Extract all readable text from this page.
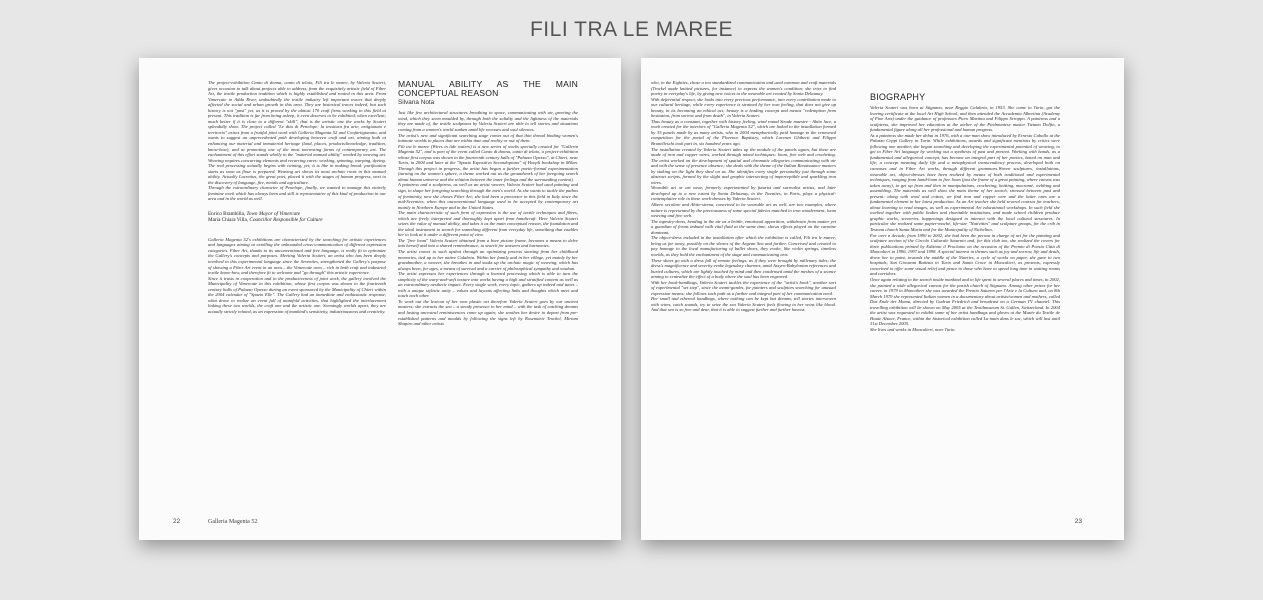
FILI TRA LE MAREE

The project-exhibition Canto di donna, canto di telaio, Fili tra le maree, by Valeria Scuteri, gives occasion to talk about projects able to address, from the exquisitely artistic field of Fiber Art, the textile production tradition which is highly established and rooted in this area. From Vimercate to Adda River, undoubtedly the textile industry left important traces that deeply affected the social and urban growth in this area. They are historical traces indeed, but such history is not "past" yet, as it is proved by the almost 170 craft firms working in this field at present. This tradition is far from being asleep, it even deserves to be exhibited, when excellent; much better if it is close to a different "skill", that is the artistic one the works by Scuteri splendidly show. The project called "Le dita di Penelope: la tessitura fra arte, artigianato e territorio" arises from a fruitful joint work with Galleria Magenta 52 and Confartigianato, and wants to suggest an unprecedented path developing between craft and art, aiming both at enhancing our material and immaterial heritage (land, places, products/knowledge, tradition, know-how), and at promoting one of the most interesting forms of contemporary art. The enchantment of this effort stands wholly in the "material manual ability" needed by weaving art. Weaving requires concurring elements and recurring cares: working, spinning, warping, dyeing. The real processing actually begins with twining, yet, it is like in making bread: purification starts as soon as flour is prepared. Weaving art shows its most archaic roots in this manual ability. Actually Lucretius, the great poet, placed it with the stages of human progress, next to the discovery of language, fire, metals and agriculture.

Through the extraordinary character of Penelope, finally, we wanted to manage this entirely feminine work which has always been and still is representative of this kind of production in our area and in the world as well.

Enrico Brambilla, Town Mayor of Vimercate
Maria Chiara Villa, Councillor Responsible for Culture

Galleria Magenta 52's exhibitions are characterized by the searching for artistic experiences and languages aiming at extolling the unbounded cross-communication of different expression categories. Fiber Art, thanks to its unconventional and free language, is really fit to epitomize the Gallery's concepts and purposes. Meeting Valeria Scuteri, an artist who has been deeply involved in this experimental language since the Seventies, strengthened the Gallery's purpose of showing a Fiber Art event in an area – the Vimercate area – rich in both craft and industrial textile know-how, and therefore fit to welcome and "go through" this artistic experience.

Since it trusts in cooperation and in the productiveness of joint work, the gallery involved the Municipality of Vimercate in this exhibition, whose first corpus was shown in the fourteenth century halls of Palazzo Opesso during an event sponsored by the Municipality of Chieri within the 2004 calendar of "Spazio Elle". The Gallery had an immediate and enthusiastic response, what drove to realize an event full of manifold activities, that highlighted the interlacement linking these two worlds, the craft one and the artistic one. Seemingly worlds apart, they are actually strictly related, as an expression of mankind's sensitivity, industriousness and creativity.

MANUAL ABILITY AS THE MAIN CONCEPTUAL REASON
Silvana Nota

Just like few architectural structures breathing in space, communicating with air, greeting the wind, which they seem moulded by, through both the solidity and the lightness of the materials they are made of, the textile sculptures by Valeria Scuteri are able to tell stories and situations coming from a women's world sunken amid life recesses and soul silences.

The artist's new and significant searching stage comes out of that thin thread binding women's intimate worlds to places that are within time and reality or out of them.

Fili tra le maree (Wires in tide waters) is a new series of works specially created for "Galleria Magenta 52", and is part of the event called Canto di donna, canto di telaio, a project-exhibition whose first corpus was shown in the fourteenth century halls of "Palazzo Opesso", at Chieri, near Turin, in 2004 and later at the "Spazio Espositivo Secondopiano" of Hoepli bookshop in Milan. Through this project in progress, the artist has begun a further poetic-formal experimentation (turning on the women's sphere, a theme worked out as the groundwork of her foregoing search about human universe and the relation between the inner feelings and the surrounding context).

A paintress and a sculptress, as well as an artist weaver, Valeria Scuteri had used painting and sign, to shape her foregoing searching through the men's world. As she wants to tackle the pathos of femininity, now she choses Fiber Art; she had been a precursor in this field in Italy since the mid-Seventies, when this unconventional language used to be accepted by contemporary art mainly in Northern Europe and in the United States.

The main characteristic of such form of expression is the use of textile techniques and fibres, which are freely interpreted and thoroughly kept apart from handicraft. Here Valeria Scuteri seizes the value of manual ability, and takes it as the main conceptual reason, the foundation and the ideal instrument to search for something different from everyday life, something that enables her to look at it under a different point of view.

The "free loom" Valeria Scuteri obtained from a bore picture frame, becomes a means to delve into herself and into a shared remembrance, to search for answers and harmonies.

The artist comes to such upshot through an optimizing process starting from her childhood memories, tied up to her native Calabria. Within her family and in her village, yet mainly by her grandmother, a weaver, she breathes in and soaks up the archaic magic of weaving, which has always been, for ages, a means of survival and a carrier of philosophical sympathy and wisdom.

The artist expresses her experiences through a learned processing which is able to turn the simplicity of the warp-and-weft texture into works having a high and stratified content as well as an extraordinary aesthetic impact. Every single work, every topic, gathers up indeed and tunes – with a unique stylistic unity – values and layouts affecting links and thoughts which meet and touch each other.

To work out the lexicon of her own plastic art therefore Valeria Scuteri goes by our ancient masters; she extracts the sea – a steady presence in her mind – with the task of catching dreams and lasting ancestral reminiscences come up again; she soothes her desire to depart from pre-established patterns and moulds by following the signs left by Rosemarie Trockel, Miriam Shapiro and other artists

22	Galleria Magenta 52

who, in the Eighties, chose a too standardized communication and used common and craft materials (Trockel made knitted pictures, for instance) to express the women's condition; she tries to find poetry in everyday's life, by giving new voices to the wearable art created by Sonia Delaunay.

With deferential respect, she looks into every precious performance, into every contribution made to our cultural heritage, while every experience is strained by her own feeling, that does not give up beauty, in its becoming an ethical act; beauty is a leading concept and means "redemption from hesitation, from sorrow and from death", in Valeria Scuteri.

Thus beauty as a constant, together with history feeling, wind round Strade maestre - Abito luce, a work created for the interiors of "Galleria Magenta 52", which are linked to the installation formed by 35 panels made by as many artists, who in 2004 metaphorically paid homage to the renowned competition for the portal of the Florence Baptistry, which Lorenzo Ghiberti and Filippo Brunelleschi took part in, six hundred years ago.

The installation created by Valeria Scuteri takes up the module of the panels again, but these are made of iron and copper wires, worked through mixed techniques: loom, free web and crocheting. The artist worked on the development of spatial and chromatic allegories communicating with air and with the sense of presence absence; she deals with the theme of the Italian Renaissance masters by staking on the light they shed on us. She identifies every single personality just through some abstract scripts, formed by the slight and graphic intersecting of imperceptible and sparkling iron wires.

Wearable art or art wear, formerly experimented by futurist and surrealist artists, and later developed up to a new extent by Sonia Delaunay, in the Twenties, in Paris, plays a physical-contemplative role in these work-dresses by Valeria Scuteri.

Albero secolare and Abito-sirena, conceived to be wearable art as well, are two examples, where nature is represented by the preciousness of some special fabrics matched to iron wonderment, loom weaving and free web.

The tapestry-dress, bending in the air as a brittle, emotional apparition, withdrawn from matter yet a guardian of forms imbued with vital fluid at the same time, shows effects played on the carmine dominant.

The object-dress included in the installation after which the exhibition is called, Fili tra le maree, bring us far away, possibly on the shores of the Aegean Sea and further. Conceived and created to pay homage to the local manufacturing of ballet shoes, they evoke, like violin springs, timeless worlds, as they hold the enchantment of the stage and communicating arts.

These shoes go with a dress full of remote feelings, as if they were brought by millenary tides; the dress's magnificence and severity evoke legendary charmes, amid Assyro-Babylonian references and buried cultures, which are lightly touched by mind and then condensed amid the meshes of a seance aiming to centralize the effect of a body where the soul has been engraved.

With her book-handbags, Valeria Scuteri tackles the experience of the "artist's book", another sort of experimental "set step", since the avant-gardes, for painters and sculptors searching for unusual expression means; she follows such path as a further and integral part of her communication need.

Her small and ethereal handbags, where nothing can be kept but dreams, tell stories interwoven with wires, catch sounds, try to seize the sea Valeria Scuteri feels flowing in her veins like blood. And that sea is so free and dear, that it is able to suggest further and further havens.

BIOGRAPHY

Valeria Scuteri was born at Stignano, near Reggio Calabria, in 1953. She came to Turin, got the leaving certificate at the local Art High School, and then attended the Accademia Albertina (Academy of Fine Arts) under the guidance of professors Piero Martina and Filippo Scroppo. A paintress and a sculptress, she improved her education at the atelier of the Piedmontese master Tiziano Dolfin, a fundamental figure along all her professional and human progress.

As a paintress she made her debut in 1976, with a one-man show introduced by Ernesto Caballo at the Palazzo Ceppi Gallery in Turin. While exhibitions, awards and significant mentions by critics were following one another, she began searching and developing the experimental potential of weaving, to get to Fiber Art language by working out a synthesis of past and present. Working with hands, as a fundamental and allegorical concept, has become an integral part of her poetics, based on man and life; a concept meaning daily life and a metaphysical transcendency process, developed both on canvases and in Fiber Art works, through different grammars.Woven sculptures, installations, wearable art, object-dresses have been realized by means of both traditional and experimental techniques, ranging from hand-loom to free loom (just the frame of a great painting, where canvas was taken away), to get up from and then to manipulations, crocheting, knitting, macramé, webbing and assembling. The materials as well show the main theme of her search, stressed between past and present: along with wool and cotton, we find iron and copper wire and the latter ones are a fundamental element in her latest production. As an Art teacher she held several courses for teachers, about learning to read images, as well as experimental Art educational workshops. In such field she worked together with public bodies and charitable institutions, and made school children produce graphic works, sceneries, happenings designed to interact with the local cultural structures. In particular she realized some papier-maché, life-size "Nativities" and sculpture groups, for the crib in Testona church Santa Maria and for the Municipality of Nichelino.

For over a decade, from 1990 to 2002, she had been the person in charge of art for the painting and sculpture section of the Circolo Culturale Saturnio and, for this club too, she realized the covers for three publications printed by Edizioni il Proclamo on the occasion of the Premio di Poesia Città di Moncalieri in 1996, 1997 and 1998. A special interest in themes such as joy and sorrow, life and death, drove her to paint, towards the middle of the Nineties, a cycle of works on paper, she gave to two hospitals, San Giovanni Battista in Turin and Santa Croce in Moncalieri, as presents, expressly conceived to offer some visual relief and peace to those who have to spend long time in waiting rooms and corridors.

Once again relating to the search inside mankind and to life spent in several places and times, in 2002, she painted a wide allegorical canvas for the parish church of Stignano. Among other prizes for her career, in 1979 in Moncalieri she was awarded the Premio Saturno per l'Arte e la Cultura and, on 8th March 1979 she represented Italian women in a documentary about artists/women and mothers, called Das Ende der Mama, directed by Gudrun Friedrich and broadcast on a German TV channel. This travelling exhibition will be shown on May 2005 at the Textilmuseum St. Gallen, Switzerland. In 2004 the artist was requested to exhibit some of her artist handbags and gloves at the Musée du Textile de Haute Alsace, France, within the historical exhibition called La main dans le sac, which will last until 31st December 2005.

She lives and works in Moncalieri, near Turin.

23
